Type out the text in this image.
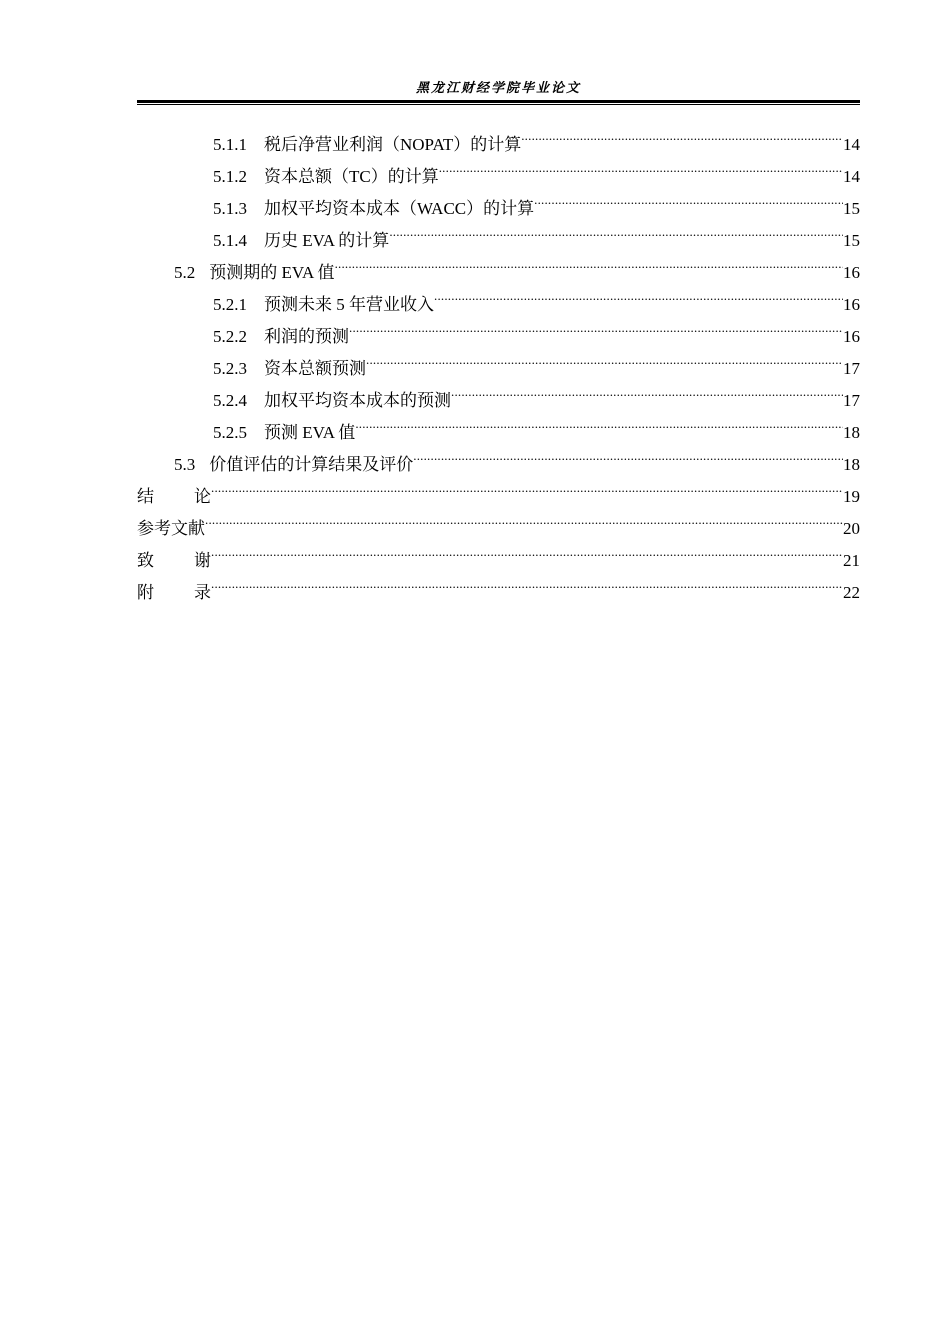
黑龙江财经学院毕业论文
5.1.1 税后净营业利润（NOPAT）的计算 .....	14
5.1.2 资本总额（TC）的计算 .....	14
5.1.3 加权平均资本成本（WACC）的计算 .....	15
5.1.4 历史 EVA 的计算 .....	15
5.2 预测期的 EVA 值 .....	16
5.2.1 预测未来 5 年营业收入 .....	16
5.2.2 利润的预测 .....	16
5.2.3 资本总额预测 .....	17
5.2.4 加权平均资本成本的预测 .....	17
5.2.5 预测 EVA 值 .....	18
5.3 价值评估的计算结果及评价 .....	18
结 论 .....	19
参考文献 .....	20
致 谢 .....	21
附 录 .....	22
